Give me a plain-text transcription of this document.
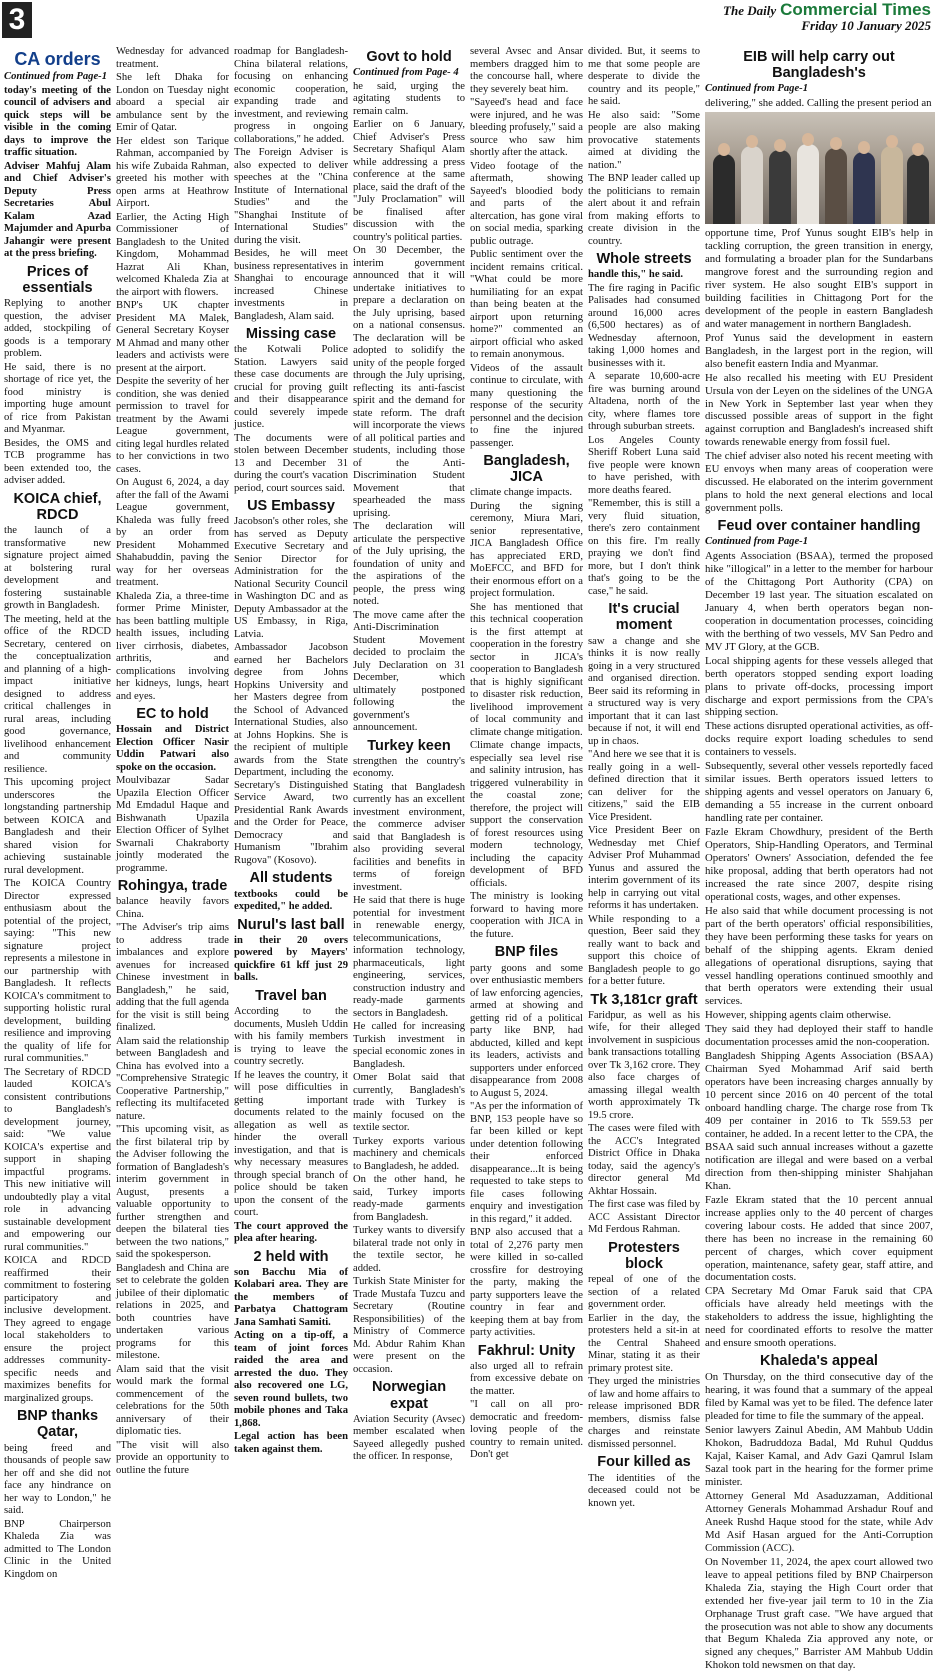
3	The Daily Commercial Times
Friday 10 January 2025
CA orders

Continued from Page-1

today's meeting of the council of advisers and quick steps will be visible in the coming days to improve the traffic situation.

Adviser Mahfuj Alam and Chief Adviser's Deputy Press Secretaries Abul Kalam Azad Majumder and Apurba Jahangir were present at the press briefing.

Prices of essentials

Replying to another question, the adviser added, stockpiling of goods is a temporary problem.

He said, there is no shortage of rice yet, the food ministry is importing huge amount of rice from Pakistan and Myanmar.

Besides, the OMS and TCB programme has been extended too, the adviser added.

KOICA chief, RDCD

the launch of a transformative new signature project aimed at bolstering rural development and fostering sustainable growth in Bangladesh.

The meeting, held at the office of the RDCD Secretary, centered on the conceptualization and planning of a high-impact initiative designed to address critical challenges in rural areas, including good governance, livelihood enhancement and community resilience.

This upcoming project underscores the longstanding partnership between KOICA and Bangladesh and their shared vision for achieving sustainable rural development.

The KOICA Country Director expressed enthusiasm about the potential of the project, saying: "This new signature project represents a milestone in our partnership with Bangladesh. It reflects KOICA's commitment to supporting holistic rural development, building resilience and improving the quality of life for rural communities."

The Secretary of RDCD lauded KOICA's consistent contributions to Bangladesh's development journey, said: "We value KOICA's expertise and support in shaping impactful programs. This new initiative will undoubtedly play a vital role in advancing sustainable development and empowering our rural communities."

KOICA and RDCD reaffirmed their commitment to fostering participatory and inclusive development. They agreed to engage local stakeholders to ensure the project addresses community-specific needs and maximizes benefits for marginalized groups.

BNP thanks Qatar,

being freed and thousands of people saw her off and she did not face any hindrance on her way to London," he said.

BNP Chairperson Khaleda Zia was admitted to The London Clinic in the United Kingdom on

Wednesday for advanced treatment.

She left Dhaka for London on Tuesday night aboard a special air ambulance sent by the Emir of Qatar.

Her eldest son Tarique Rahman, accompanied by his wife Zubaida Rahman, greeted his mother with open arms at Heathrow Airport.

Earlier, the Acting High Commissioner of Bangladesh to the United Kingdom, Mohammad Hazrat Ali Khan, welcomed Khaleda Zia at the airport with flowers.

BNP's UK chapter President MA Malek, General Secretary Koyser M Ahmad and many other leaders and activists were present at the airport.

Despite the severity of her condition, she was denied permission to travel for treatment by the Awami League government, citing legal hurdles related to her convictions in two cases.

On August 6, 2024, a day after the fall of the Awami League government, Khaleda was fully freed by an order from President Mohammed Shahabuddin, paving the way for her overseas treatment.

Khaleda Zia, a three-time former Prime Minister, has been battling multiple health issues, including liver cirrhosis, diabetes, arthritis, and complications involving her kidneys, lungs, heart and eyes.

EC to hold

Hossain and District Election Officer Nasir Uddin Patwari also spoke on the occasion.

Moulvibazar Sadar Upazila Election Officer Md Emdadul Haque and Bishwanath Upazila Election Officer of Sylhet Swarnali Chakraborty jointly moderated the programme.

Rohingya, trade

balance heavily favors China.

"The Adviser's trip aims to address trade imbalances and explore avenues for increased Chinese investment in Bangladesh," he said, adding that the full agenda for the visit is still being finalized.

Alam said the relationship between Bangladesh and China has evolved into a "Comprehensive Strategic Cooperative Partnership," reflecting its multifaceted nature.

"This upcoming visit, as the first bilateral trip by the Adviser following the formation of Bangladesh's interim government in August, presents a valuable opportunity to further strengthen and deepen the bilateral ties between the two nations," said the spokesperson.

Bangladesh and China are set to celebrate the golden jubilee of their diplomatic relations in 2025, and both countries have undertaken various programs for this milestone.

Alam said that the visit would mark the formal commencement of the celebrations for the 50th anniversary of their diplomatic ties.

"The visit will also provide an opportunity to outline the future

roadmap for Bangladesh-China bilateral relations, focusing on enhancing economic cooperation, expanding trade and investment, and reviewing progress in ongoing collaborations," he added.

The Foreign Adviser is also expected to deliver speeches at the "China Institute of International Studies" and the "Shanghai Institute of International Studies" during the visit.

Besides, he will meet business representatives in Shanghai to encourage increased Chinese investments in Bangladesh, Alam said.

Missing case

the Kotwali Police Station. Lawyers said these case documents are crucial for proving guilt and their disappearance could severely impede justice.

The documents were stolen between December 13 and December 31 during the court's vacation period, court sources said.

US Embassy

Jacobson's other roles, she has served as Deputy Executive Secretary and Senior Director for Administration for the National Security Council in Washington DC and as Deputy Ambassador at the US Embassy, in Riga, Latvia.

Ambassador Jacobson earned her Bachelors degree from Johns Hopkins University and her Masters degree from the School of Advanced International Studies, also at Johns Hopkins. She is the recipient of multiple awards from the State Department, including the Secretary's Distinguished Service Award, two Presidential Rank Awards and the Order for Peace, Democracy and Humanism "Ibrahim Rugova" (Kosovo).

All students

textbooks could be expedited," he added.

Nurul's last ball

in their 20 overs powered by Mayers' quickfire 61 kff just 29 balls.

Travel ban

According to the documents, Musleh Uddin with his family members is trying to leave the country secretly.

If he leaves the country, it will pose difficulties in getting important documents related to the allegation as well as hinder the overall investigation, and that is why necessary measures through special branch of police should be taken upon the consent of the court.

The court approved the plea after hearing.

2 held with

son Bacchu Mia of Kolabari area. They are the members of Parbatya Chattogram Jana Samhati Samiti.

Acting on a tip-off, a team of joint forces raided the area and arrested the duo. They also recovered one LG, seven round bullets, two mobile phones and Taka 1,868.

Legal action has been taken against them.

Govt to hold

Continued from Page- 4

he said, urging the agitating students to remain calm.

Earlier on 6 January, Chief Adviser's Press Secretary Shafiqul Alam while addressing a press conference at the same place, said the draft of the "July Proclamation" will be finalised after discussion with the country's political parties.

On 30 December, the interim government announced that it will undertake initiatives to prepare a declaration on the July uprising, based on a national consensus. The declaration will be adopted to solidify the unity of the people forged through the July uprising, reflecting its anti-fascist spirit and the demand for state reform. The draft will incorporate the views of all political parties and students, including those of the Anti-Discrimination Student Movement that spearheaded the mass uprising.

The declaration will articulate the perspective of the July uprising, the foundation of unity and the aspirations of the people, the press wing noted.

The move came after the Anti-Discrimination Student Movement decided to proclaim the July Declaration on 31 December, which ultimately postponed following the government's announcement.

Turkey keen

strengthen the country's economy.

Stating that Bangladesh currently has an excellent investment environment, the commerce adviser said that Bangladesh is also providing several facilities and benefits in terms of foreign investment.

He said that there is huge potential for investment in renewable energy, telecommunications, information technology, pharmaceuticals, light engineering, services, construction industry and ready-made garments sectors in Bangladesh.

He called for increasing Turkish investment in special economic zones in Bangladesh.

Omer Bolat said that currently, Bangladesh's trade with Turkey is mainly focused on the textile sector.

Turkey exports various machinery and chemicals to Bangladesh, he added.

On the other hand, he said, Turkey imports ready-made garments from Bangladesh.

Turkey wants to diversify bilateral trade not only in the textile sector, he added.

Turkish State Minister for Trade Mustafa Tuzcu and Secretary (Routine Responsibilities) of the Ministry of Commerce Md. Abdur Rahim Khan were present on the occasion.

Norwegian expat

Aviation Security (Avsec) member escalated when Sayeed allegedly pushed the officer. In response,

several Avsec and Ansar members dragged him to the concourse hall, where they severely beat him.

"Sayeed's head and face were injured, and he was bleeding profusely," said a source who saw him shortly after the attack.

Video footage of the aftermath, showing Sayeed's bloodied body and parts of the altercation, has gone viral on social media, sparking public outrage.

Public sentiment over the incident remains critical. "What could be more humiliating for an expat than being beaten at the airport upon returning home?" commented an airport official who asked to remain anonymous.

Videos of the assault continue to circulate, with many questioning the response of the security personnel and the decision to fine the injured passenger.

Bangladesh, JICA

climate change impacts.

During the signing ceremony, Miura Mari, senior representative, JICA Bangladesh Office has appreciated ERD, MoEFCC, and BFD for their enormous effort on a project formulation.

She has mentioned that this technical cooperation is the first attempt at cooperation in the forestry sector in JICA's cooperation to Bangladesh that is highly significant to disaster risk reduction, livelihood improvement of local community and climate change mitigation.

Climate change impacts, especially sea level rise and salinity intrusion, has triggered vulnerability in the coastal zone; therefore, the project will support the conservation of forest resources using modern technology, including the capacity development of BFD officials.

The ministry is looking forward to having more cooperation with JICA in the future.

BNP files

party goons and some over enthusiastic members of law enforcing agencies, armed at showing and getting rid of a political party like BNP, had abducted, killed and kept its leaders, activists and supporters under enforced disappearance from 2008 to August 5, 2024.

"As per the information of BNP, 153 people have so far been killed or kept under detention following their enforced disappearance...It is being requested to take steps to file cases following enquiry and investigation in this regard," it added.

BNP also accused that a total of 2,276 party men were killed in so-called crossfire for destroying the party, making the party supporters leave the country in fear and keeping them at bay from party activities.

Fakhrul: Unity

also urged all to refrain from excessive debate on the matter.

"I call on all pro-democratic and freedom-loving people of the country to remain united. Don't get

divided. But, it seems to me that some people are desperate to divide the country and its people," he said.

He also said: "Some people are also making provocative statements aimed at dividing the nation."

The BNP leader called up the politicians to remain alert about it and refrain from making efforts to create division in the country.

Whole streets

handle this," he said.

The fire raging in Pacific Palisades had consumed around 16,000 acres (6,500 hectares) as of Wednesday afternoon, taking 1,000 homes and businesses with it.

A separate 10,600-acre fire was burning around Altadena, north of the city, where flames tore through suburban streets.

Los Angeles County Sheriff Robert Luna said five people were known to have perished, with more deaths feared.

"Remember, this is still a very fluid situation, there's zero containment on this fire. I'm really praying we don't find more, but I don't think that's going to be the case," he said.

It's crucial moment

saw a change and she thinks it is now really going in a very structured and organised direction. Beer said its reforming in a structured way is very important that it can last because if not, it will end up in chaos.

"And here we see that it is really going in a well-defined direction that it can deliver for the citizens," said the EIB Vice President.

Vice President Beer on Wednesday met Chief Adviser Prof Muhammad Yunus and assured the interim government of its help in carrying out vital reforms it has undertaken.

While responding to a question, Beer said they really want to back and support this choice of Bangladesh people to go for a better future.

Tk 3,181cr graft

Faridpur, as well as his wife, for their alleged involvement in suspicious bank transactions totalling over Tk 3,162 crore. They also face charges of amassing illegal wealth worth approximately Tk 19.5 crore.

The cases were filed with the ACC's Integrated District Office in Dhaka today, said the agency's director general Md Akhtar Hossain.

The first case was filed by ACC Assistant Director Md Ferdous Rahman.

Protesters block

repeal of one of the section of a related government order.

Earlier in the day, the protesters held a sit-in at the Central Shaheed Minar, stating it as their primary protest site.

They urged the ministries of law and home affairs to release imprisoned BDR members, dismiss false charges and reinstate dismissed personnel.

Four killed as

The identities of the deceased could not be known yet.

EIB will help carry out Bangladesh's

Continued from Page-1

delivering," she added. Calling the present period an

opportune time, Prof Yunus sought EIB's help in tackling corruption, the green transition in energy, and formulating a broader plan for the Sundarbans mangrove forest and the surrounding region and river system. He also sought EIB's support in building facilities in Chittagong Port for the development of the people in eastern Bangladesh and water management in northern Bangladesh.

Prof Yunus said the development in eastern Bangladesh, in the largest port in the region, will also benefit eastern India and Myanmar.

He also recalled his meeting with EU President Ursula von der Leyen on the sidelines of the UNGA in New York in September last year when they discussed possible areas of support in the fight against corruption and Bangladesh's increased shift towards renewable energy from fossil fuel.

The chief adviser also noted his recent meeting with EU envoys when many areas of cooperation were discussed. He elaborated on the interim government plans to hold the next general elections and local government polls.

Feud over container handling

Continued from Page-1

Agents Association (BSAA), termed the proposed hike "illogical" in a letter to the member for harbour of the Chittagong Port Authority (CPA) on December 19 last year. The situation escalated on January 4, when berth operators began non-cooperation in documentation processes, coinciding with the berthing of two vessels, MV San Pedro and MV JT Glory, at the GCB.

Local shipping agents for these vessels alleged that berth operators stopped sending export loading plans to private off-docks, processing import discharge and export permissions from the CPA's shipping section.

These actions disrupted operational activities, as off-docks require export loading schedules to send containers to vessels.

Subsequently, several other vessels reportedly faced similar issues. Berth operators issued letters to shipping agents and vessel operators on January 6, demanding a 55 increase in the current onboard handling rate per container.

Fazle Ekram Chowdhury, president of the Berth Operators, Ship-Handling Operators, and Terminal Operators' Owners' Association, defended the fee hike proposal, adding that berth operators had not increased the rate since 2007, despite rising operational costs, wages, and other expenses.

He also said that while document processing is not part of the berth operators' official responsibilities, they have been performing these tasks for years on behalf of the shipping agents. Ekram denied allegations of operational disruptions, saying that vessel handling operations continued smoothly and that berth operators were extending their usual services.

However, shipping agents claim otherwise.

They said they had deployed their staff to handle documentation processes amid the non-cooperation.

Bangladesh Shipping Agents Association (BSAA) Chairman Syed Mohammad Arif said berth operators have been increasing charges annually by 10 percent since 2016 on 40 percent of the total onboard handling charge. The charge rose from Tk 409 per container in 2016 to Tk 559.53 per container, he added. In a recent letter to the CPA, the BSAA said such annual increases without a gazette notification are illegal and were based on a verbal direction from then-shipping minister Shahjahan Khan.

Fazle Ekram stated that the 10 percent annual increase applies only to the 40 percent of charges covering labour costs. He added that since 2007, there has been no increase in the remaining 60 percent of charges, which cover equipment operation, maintenance, safety gear, staff attire, and documentation costs.

CPA Secretary Md Omar Faruk said that CPA officials have already held meetings with the stakeholders to address the issue, highlighting the need for coordinated efforts to resolve the matter and ensure smooth operations.

Khaleda's appeal

On Thursday, on the third consecutive day of the hearing, it was found that a summary of the appeal filed by Kamal was yet to be filed. The defence later pleaded for time to file the summary of the appeal.

Senior lawyers Zainul Abedin, AM Mahbub Uddin Khokon, Badruddoza Badal, Md Ruhul Quddus Kajal, Kaiser Kamal, and Adv Gazi Qamrul Islam Sazal took part in the hearing for the former prime minister.

Attorney General Md Asaduzzaman, Additional Attorney Generals Mohammad Arshadur Rouf and Aneek Rushd Haque stood for the state, while Adv Md Asif Hasan argued for the Anti-Corruption Commission (ACC).

On November 11, 2024, the apex court allowed two leave to appeal petitions filed by BNP Chairperson Khaleda Zia, staying the High Court order that extended her five-year jail term to 10 in the Zia Orphanage Trust graft case. "We have argued that the prosecution was not able to show any documents that Begum Khaleda Zia approved any note, or signed any cheques," Barrister AM Mahbub Uddin Khokon told newsmen on that day.
